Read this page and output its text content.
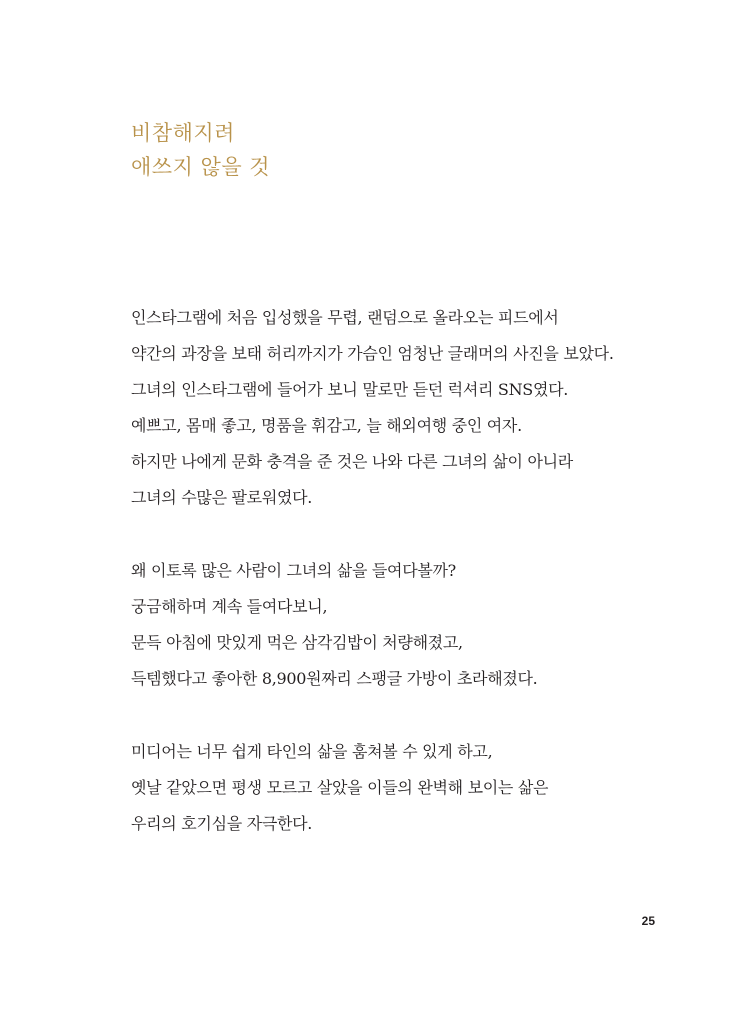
비참해지려
애쓰지 않을 것

인스타그램에 처음 입성했을 무렵, 랜덤으로 올라오는 피드에서
약간의 과장을 보태 허리까지가 가슴인 엄청난 글래머의 사진을 보았다.
그녀의 인스타그램에 들어가 보니 말로만 듣던 럭셔리 SNS였다.
예쁘고, 몸매 좋고, 명품을 휘감고, 늘 해외여행 중인 여자.
하지만 나에게 문화 충격을 준 것은 나와 다른 그녀의 삶이 아니라
그녀의 수많은 팔로워였다.

왜 이토록 많은 사람이 그녀의 삶을 들여다볼까?
궁금해하며 계속 들여다보니,
문득 아침에 맛있게 먹은 삼각김밥이 처량해졌고,
득템했다고 좋아한 8,900원짜리 스팽글 가방이 초라해졌다.

미디어는 너무 쉽게 타인의 삶을 훔쳐볼 수 있게 하고,
옛날 같았으면 평생 모르고 살았을 이들의 완벽해 보이는 삶은
우리의 호기심을 자극한다.

25
